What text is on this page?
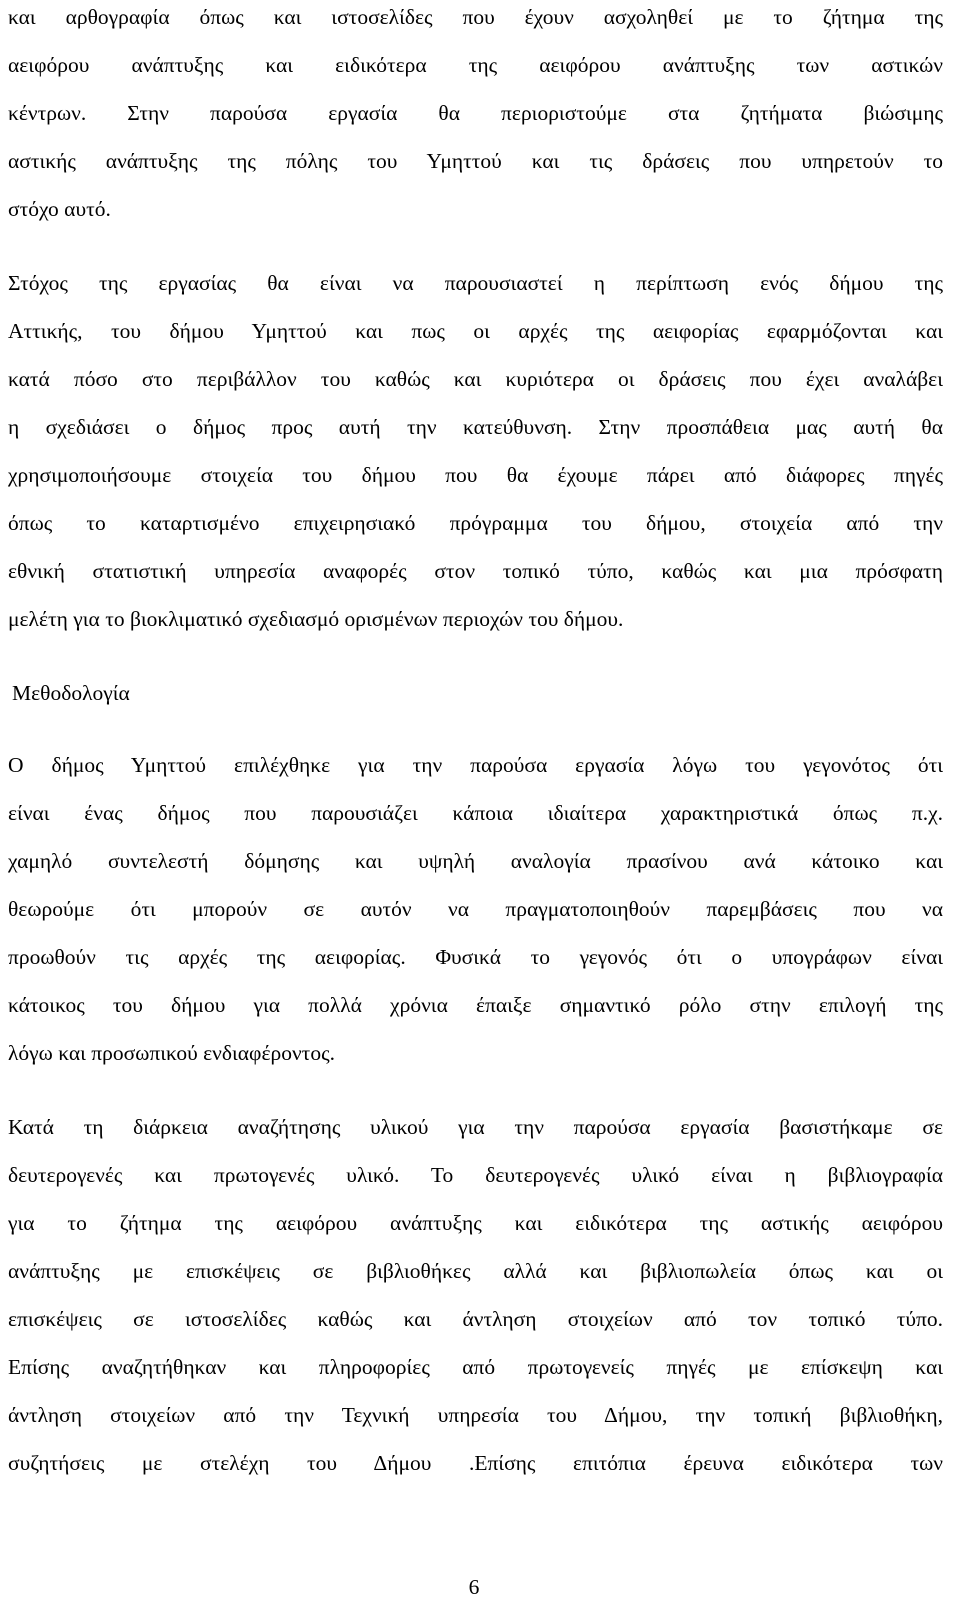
και αρθογραφία όπως και ιστοσελίδες που έχουν ασχοληθεί με το ζήτημα της
αειφόρου ανάπτυξης και ειδικότερα της αειφόρου ανάπτυξης των αστικών
κέντρων. Στην παρούσα εργασία θα περιοριστούμε στα ζητήματα βιώσιμης
αστικής ανάπτυξης της πόλης του Υμηττού και τις δράσεις που υπηρετούν το
στόχο αυτό.
Στόχος της εργασίας θα είναι να παρουσιαστεί η περίπτωση ενός δήμου της
Αττικής, του δήμου Υμηττού και πως οι αρχές της αειφορίας εφαρμόζονται και
κατά πόσο στο περιβάλλον του καθώς και κυριότερα οι δράσεις που έχει αναλάβει
η σχεδιάσει ο δήμος προς αυτή την κατεύθυνση. Στην προσπάθεια μας αυτή θα
χρησιμοποιήσουμε στοιχεία του δήμου που θα έχουμε πάρει από διάφορες πηγές
όπως το καταρτισμένο επιχειρησιακό πρόγραμμα του δήμου, στοιχεία από την
εθνική στατιστική υπηρεσία αναφορές στον τοπικό τύπο, καθώς και μια πρόσφατη
μελέτη για το βιοκλιματικό σχεδιασμό ορισμένων περιοχών του δήμου.
Μεθοδολογία
Ο δήμος Υμηττού επιλέχθηκε για την παρούσα εργασία λόγω του γεγονότος ότι
είναι ένας δήμος που παρουσιάζει κάποια ιδιαίτερα χαρακτηριστικά όπως π.χ.
χαμηλό συντελεστή δόμησης και υψηλή αναλογία πρασίνου ανά κάτοικο και
θεωρούμε ότι μπορούν σε αυτόν να πραγματοποιηθούν παρεμβάσεις που να
προωθούν τις αρχές της αειφορίας. Φυσικά το γεγονός ότι ο υπογράφων είναι
κάτοικος του δήμου για πολλά χρόνια έπαιξε σημαντικό ρόλο στην επιλογή της
λόγω και προσωπικού ενδιαφέροντος.
Κατά τη διάρκεια αναζήτησης υλικού για την παρούσα εργασία βασιστήκαμε σε
δευτερογενές και πρωτογενές υλικό. Το δευτερογενές υλικό είναι η βιβλιογραφία
για το ζήτημα της αειφόρου ανάπτυξης και ειδικότερα της αστικής αειφόρου
ανάπτυξης με επισκέψεις σε βιβλιοθήκες αλλά και βιβλιοπωλεία όπως και οι
επισκέψεις σε ιστοσελίδες καθώς και άντληση στοιχείων από τον τοπικό τύπο.
Επίσης αναζητήθηκαν και πληροφορίες από πρωτογενείς πηγές με επίσκεψη και
άντληση στοιχείων από την Τεχνική υπηρεσία του Δήμου, την τοπική βιβλιοθήκη,
συζητήσεις με στελέχη του Δήμου .Επίσης επιτόπια έρευνα ειδικότερα των
6
